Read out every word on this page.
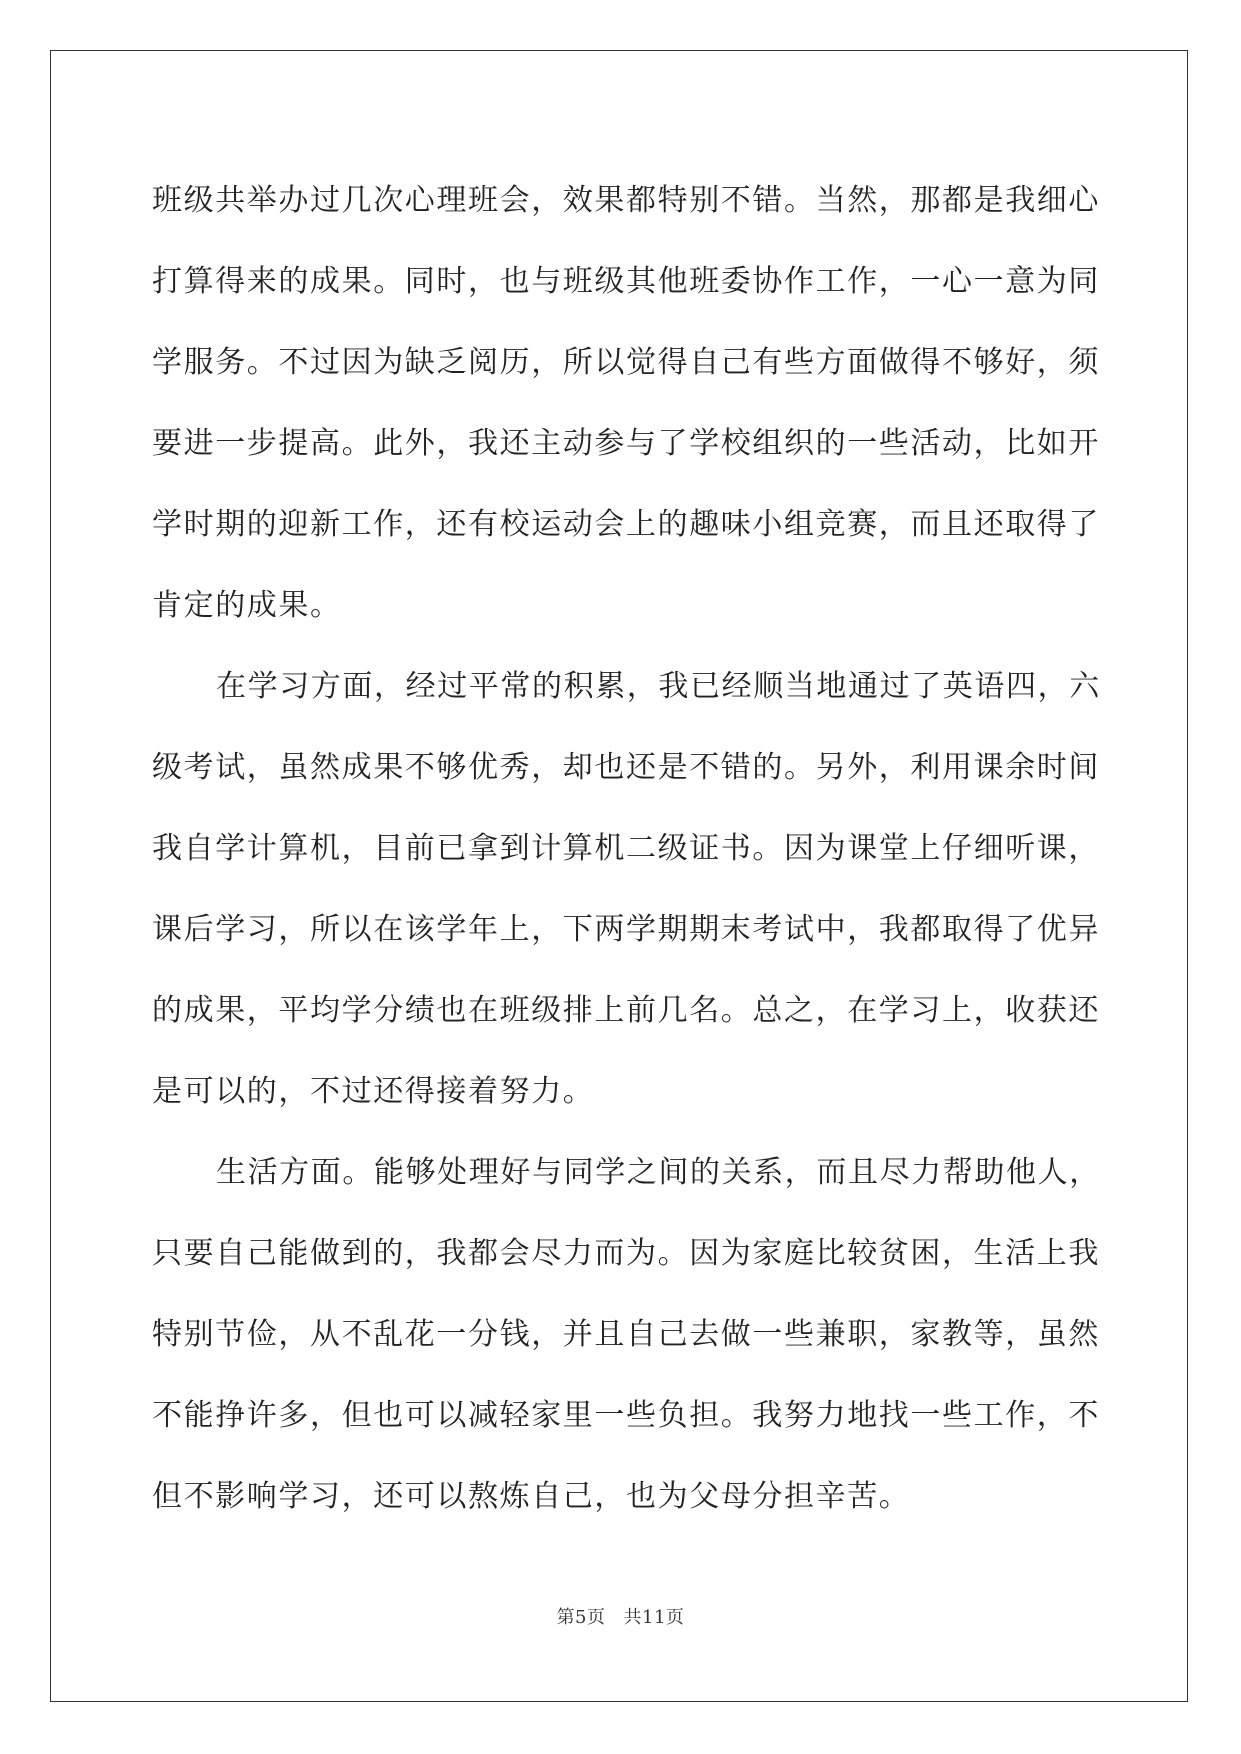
班级共举办过几次心理班会，效果都特别不错。当然，那都是我细心
打算得来的成果。同时，也与班级其他班委协作工作，一心一意为同
学服务。不过因为缺乏阅历，所以觉得自己有些方面做得不够好，须
要进一步提高。此外，我还主动参与了学校组织的一些活动，比如开
学时期的迎新工作，还有校运动会上的趣味小组竞赛，而且还取得了
肯定的成果。
在学习方面，经过平常的积累，我已经顺当地通过了英语四，六
级考试，虽然成果不够优秀，却也还是不错的。另外，利用课余时间
我自学计算机，目前已拿到计算机二级证书。因为课堂上仔细听课，
课后学习，所以在该学年上，下两学期期末考试中，我都取得了优异
的成果，平均学分绩也在班级排上前几名。总之，在学习上，收获还
是可以的，不过还得接着努力。
生活方面。能够处理好与同学之间的关系，而且尽力帮助他人，
只要自己能做到的，我都会尽力而为。因为家庭比较贫困，生活上我
特别节俭，从不乱花一分钱，并且自己去做一些兼职，家教等，虽然
不能挣许多，但也可以减轻家里一些负担。我努力地找一些工作，不
但不影响学习，还可以熬炼自己，也为父母分担辛苦。
第5页 共11页
